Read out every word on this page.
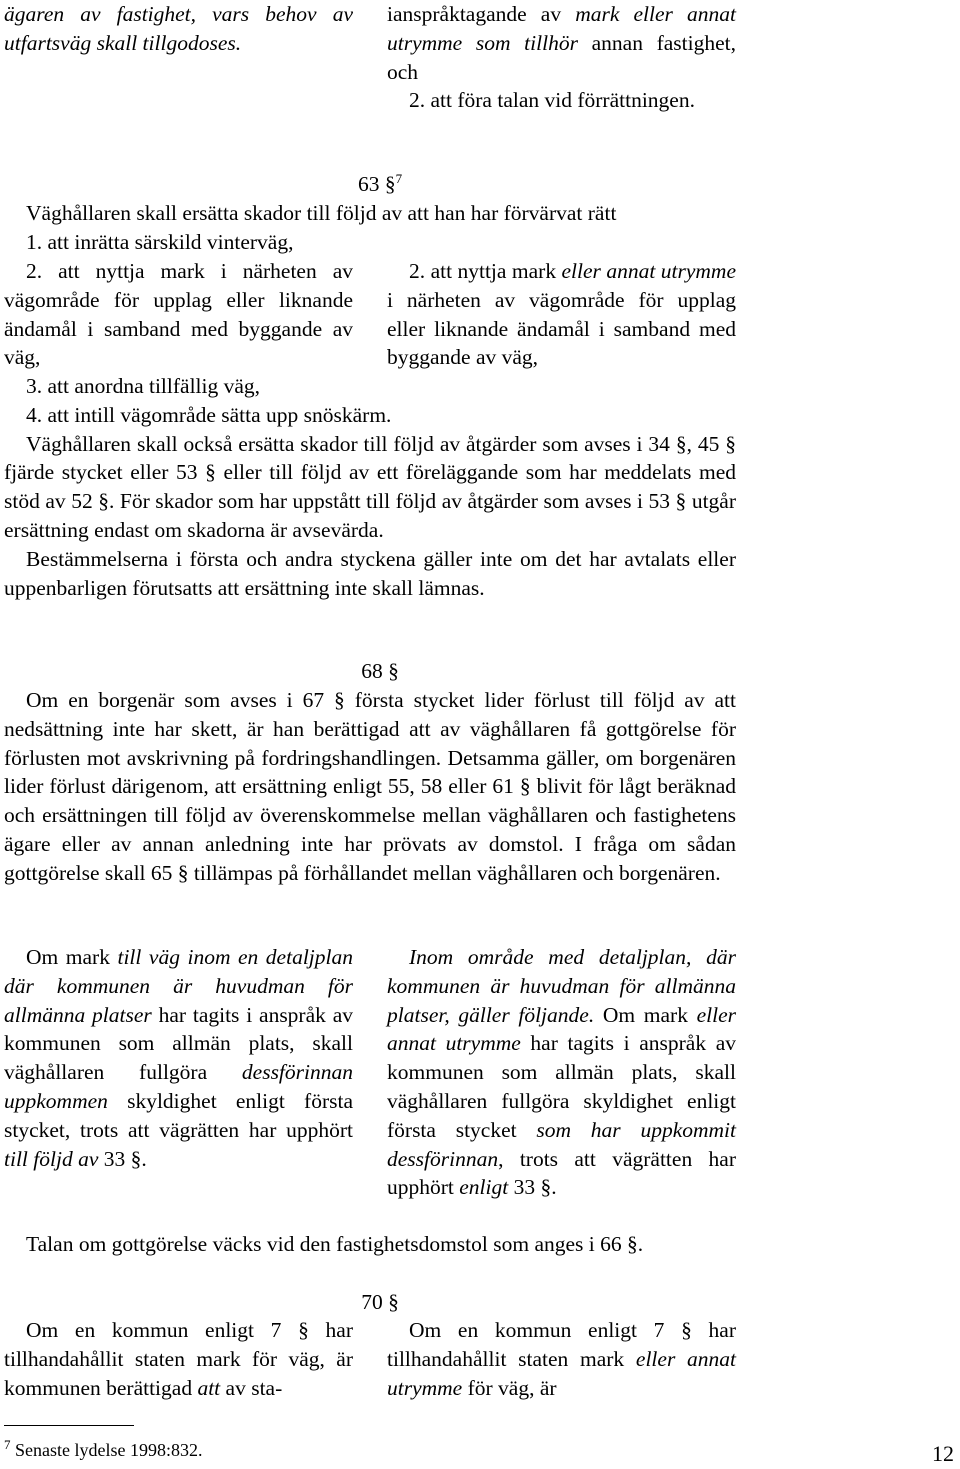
ägaren av fastighet, vars behov av utfartsväg skall tillgodoses.

ianspråktagande av mark eller annat utrymme som tillhör annan fastighet, och

2. att föra talan vid förrättningen.

63 §$^7$

Väghållaren skall ersätta skador till följd av att han har förvärvat rätt

1. att inrätta särskild vinterväg,

2. att nyttja mark i närheten av vägområde för upplag eller liknande ändamål i samband med byggande av väg,

2. att nyttja mark eller annat utrymme i närheten av vägområde för upplag eller liknande ändamål i samband med byggande av väg,

3. att anordna tillfällig väg,

4. att intill vägområde sätta upp snöskärm.

Väghållaren skall också ersätta skador till följd av åtgärder som avses i 34 §, 45 § fjärde stycket eller 53 § eller till följd av ett föreläggande som har meddelats med stöd av 52 §. För skador som har uppstått till följd av åtgärder som avses i 53 § utgår ersättning endast om skadorna är avsevärda.

Bestämmelserna i första och andra styckena gäller inte om det har avtalats eller uppenbarligen förutsatts att ersättning inte skall lämnas.

68 §

Om en borgenär som avses i 67 § första stycket lider förlust till följd av att nedsättning inte har skett, är han berättigad att av väghållaren få gottgörelse för förlusten mot avskrivning på fordringshandlingen. Detsamma gäller, om borgenären lider förlust därigenom, att ersättning enligt 55, 58 eller 61 § blivit för lågt beräknad och ersättningen till följd av överenskommelse mellan väghållaren och fastighetens ägare eller av annan anledning inte har prövats av domstol. I fråga om sådan gottgörelse skall 65 § tillämpas på förhållandet mellan väghållaren och borgenären.

Om mark till väg inom en detaljplan där kommunen är huvudman för allmänna platser har tagits i anspråk av kommunen som allmän plats, skall väghållaren fullgöra dessförinnan uppkommen skyldighet enligt första stycket, trots att vägrätten har upphört till följd av 33 §.

Inom område med detaljplan, där kommunen är huvudman för allmänna platser, gäller följande. Om mark eller annat utrymme har tagits i anspråk av kommunen som allmän plats, skall väghållaren fullgöra skyldighet enligt första stycket som har uppkommit dessförinnan, trots att vägrätten har upphört enligt 33 §.

Talan om gottgörelse väcks vid den fastighetsdomstol som anges i 66 §.

70 §

Om en kommun enligt 7 § har tillhandahållit staten mark för väg, är kommunen berättigad att av sta-

Om en kommun enligt 7 § har tillhandahållit staten mark eller annat utrymme för väg, är

$^7$ Senaste lydelse 1998:832.	12
